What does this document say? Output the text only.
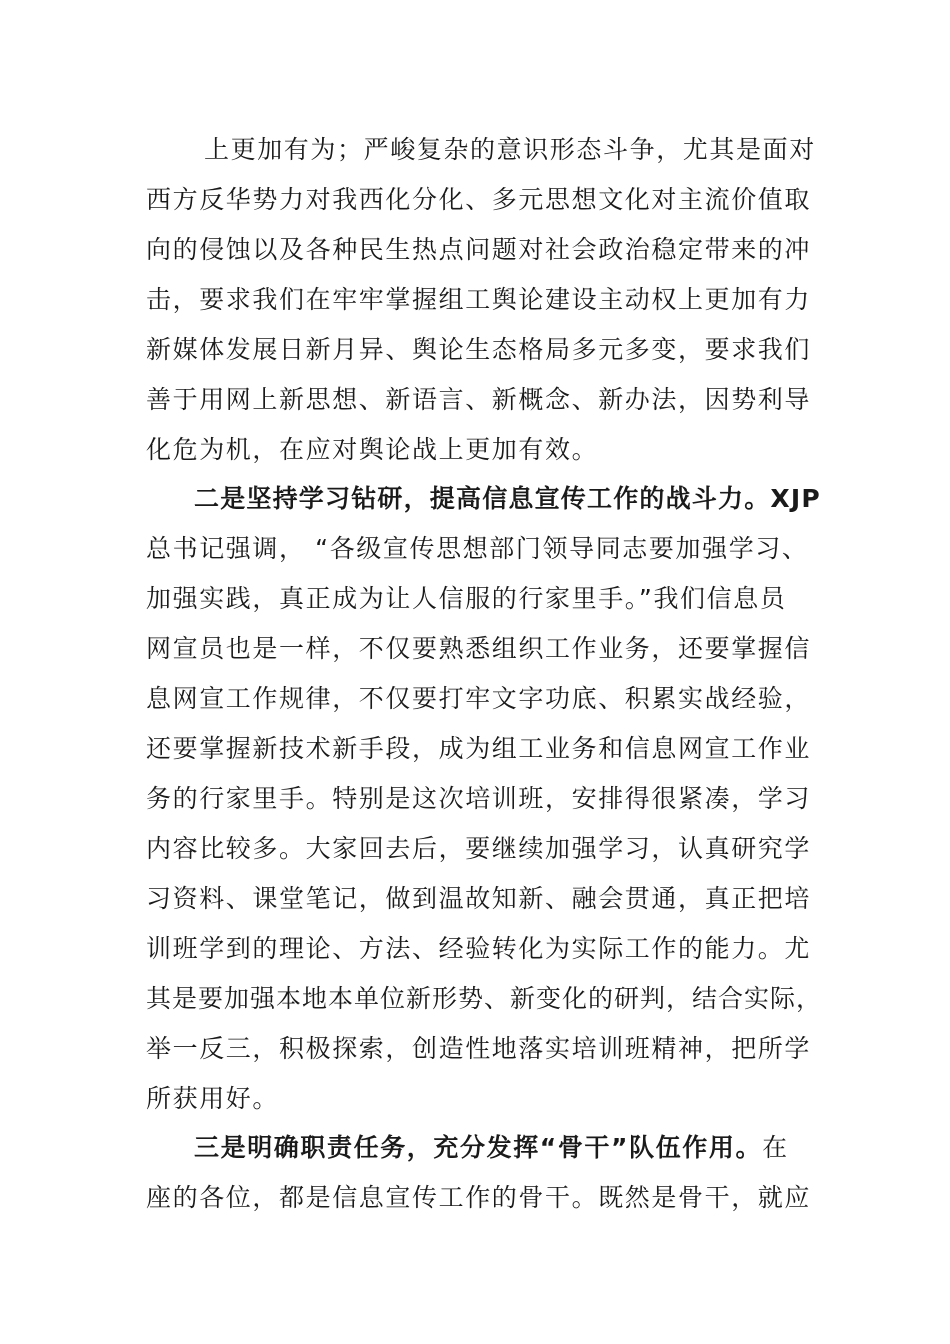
上更加有为；严峻复杂的意识形态斗争，尤其是面对
西方反华势力对我西化分化、多元思想文化对主流价值取
向的侵蚀以及各种民生热点问题对社会政治稳定带来的冲
击，要求我们在牢牢掌握组工舆论建设主动权上更加有力
新媒体发展日新月异、舆论生态格局多元多变，要求我们
善于用网上新思想、新语言、新概念、新办法，因势利导
化危为机，在应对舆论战上更加有效。
二是坚持学习钻研，提高信息宣传工作的战斗力。XJP
总书记强调， “各级宣传思想部门领导同志要加强学习、
加强实践，真正成为让人信服的行家里手。”我们信息员
网宣员也是一样，不仅要熟悉组织工作业务，还要掌握信
息网宣工作规律，不仅要打牢文字功底、积累实战经验，
还要掌握新技术新手段，成为组工业务和信息网宣工作业
务的行家里手。特别是这次培训班，安排得很紧凑，学习
内容比较多。大家回去后，要继续加强学习，认真研究学
习资料、课堂笔记，做到温故知新、融会贯通，真正把培
训班学到的理论、方法、经验转化为实际工作的能力。尤
其是要加强本地本单位新形势、新变化的研判，结合实际，
举一反三，积极探索，创造性地落实培训班精神，把所学
所获用好。
三是明确职责任务，充分发挥“骨干”队伍作用。在
座的各位，都是信息宣传工作的骨干。既然是骨干，就应
